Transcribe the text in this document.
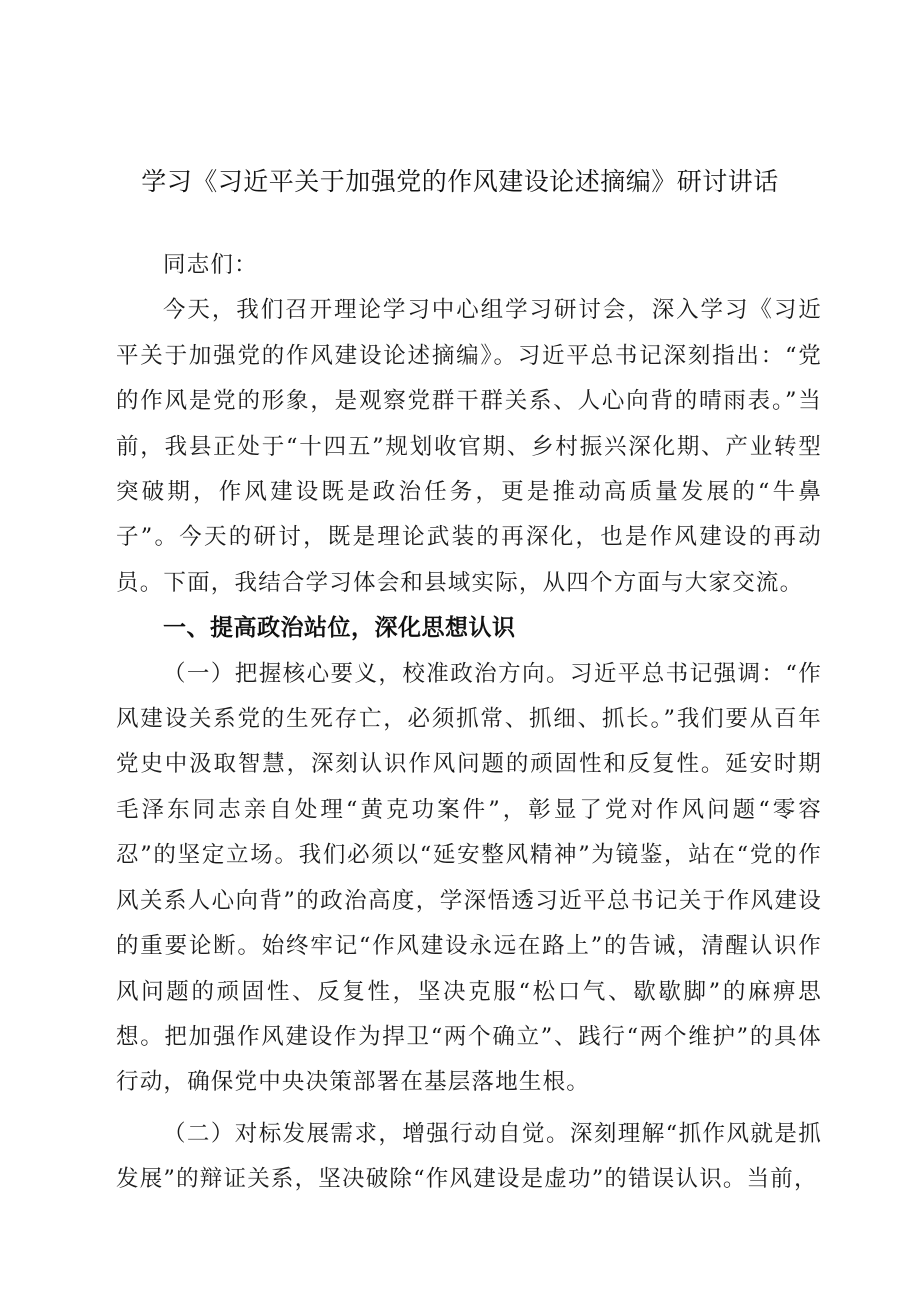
学习《习近平关于加强党的作风建设论述摘编》研讨讲话

同志们：

今天，我们召开理论学习中心组学习研讨会，深入学习《习近平关于加强党的作风建设论述摘编》。习近平总书记深刻指出：“党的作风是党的形象，是观察党群干群关系、人心向背的晴雨表。”当前，我县正处于“十四五”规划收官期、乡村振兴深化期、产业转型突破期，作风建设既是政治任务，更是推动高质量发展的“牛鼻子”。今天的研讨，既是理论武装的再深化，也是作风建设的再动员。下面，我结合学习体会和县域实际，从四个方面与大家交流。

一、提高政治站位，深化思想认识

（一）把握核心要义，校准政治方向。习近平总书记强调：“作风建设关系党的生死存亡，必须抓常、抓细、抓长。”我们要从百年党史中汲取智慧，深刻认识作风问题的顽固性和反复性。延安时期毛泽东同志亲自处理“黄克功案件”，彰显了党对作风问题“零容忍”的坚定立场。我们必须以“延安整风精神”为镜鉴，站在“党的作风关系人心向背”的政治高度，学深悟透习近平总书记关于作风建设的重要论断。始终牢记“作风建设永远在路上”的告诫，清醒认识作风问题的顽固性、反复性，坚决克服“松口气、歇歇脚”的麻痹思想。把加强作风建设作为捍卫“两个确立”、践行“两个维护”的具体行动，确保党中央决策部署在基层落地生根。

（二）对标发展需求，增强行动自觉。深刻理解“抓作风就是抓发展”的辩证关系，坚决破除“作风建设是虚功”的错误认识。当前，
